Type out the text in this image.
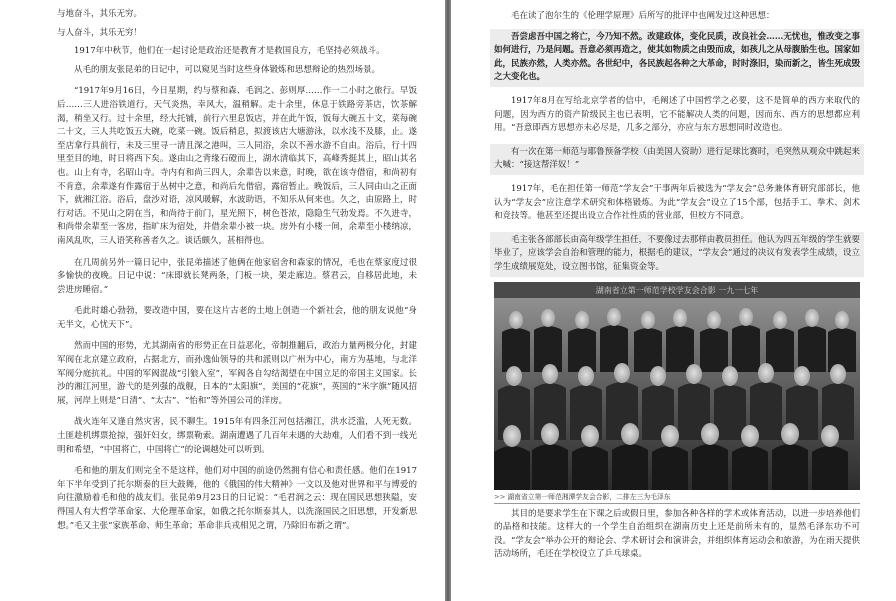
与地奋斗，其乐无穷。

与人奋斗，其乐无穷！

1917年中秋节，他们在一起讨论是政治还是教育才是救国良方，毛坚持必须战斗。

从毛的朋友张昆弟的日记中，可以窥见当时这些身体锻炼和思想辩论的热烈场景。

“1917年9月16日，今日星期，约与蔡和森、毛润之、彭则厚……作一二小时之旅行。早饭后……三人进浴铁道行，天气炎热，幸风大，温稍解。走十余里，休息于铁路旁茶店，饮茶解渴，稍坐又行。过十余里，经大托铺，前行六里息饭店，并在此午饭，饭每大碗五十文，菜每碗二十文，三人共吃饭五大碗，吃菜一碗。饭后稍息，拟渡该店大塘游泳，以水浅不及膝，止。遂至店拿行具前行，未及三里寻一清且深之港叫，三人同浴，余以不善水游不自由。浴后，行十四里至目的地，时日将西下矣。遂由山之背缘石磴而上，湖水清临其下，高峰秀挺其上，昭山其名也。山上有寺，名昭山寺。寺内有和尚三四人，余辈告以来意，时晚，欲在该寺借宿，和尚初有不肯意，余辈遂有作露宿于丛树中之意，和尚后允借宿，露宿暂止。晚饭后，三人同由山之正面下，就湘江浴。浴后，盘沙对语，凉风暖解，水波助语，不知乐从何来也。久之，由原路上，时行对话。不见山之阴在当，和尚待于前门，星光照下，树色苍浓，隐隐生气勃发焉。不久进寺，和尚带余辈至一客房，指旷床为宿处，并借余辈小被一块。房外有小楼一间，余辈至小楼纳凉，南风乱吹，三人语笑称善者久之。谈话颇久，甚相得也。

在几周前另外一篇日记中，张昆弟描述了他俩在他家宿舍和森家的情况，毛也在蔡家度过很多愉快的夜晚。日记中说：“床即就长凳两条，门板一块，架走廊边。蔡君云，自移居此地，未尝进房睡宿。”

毛此时雄心勃勃，要改造中国，要在这片古老的土地上创造一个新社会，他的朋友说他“身无半文，心忧天下”。

然而中国的形势，尤其湖南省的形势正在日益恶化，帝制推翻后，政治力量两极分化，封建军阀在北京建立政府，占据北方，而孙逸仙领导的共和派则以广州为中心，南方为基地，与北洋军阀分庭抗礼。中国的军阀混战“引狼入室”，军阀各自勾结渴望在中国立足的帝国主义国家。长沙的湘江河里，游弋的是列强的战舰，日本的“太阳旗”，美国的“花旗”，英国的“米字旗”随风招展，河岸上则是“日清”、“太古”、“怡和”等外国公司的洋房。

战火连年又逢自然灾害，民不聊生。1915年有四条江河包括湘江，洪水泛滥，人死无数。土匪趁机绑票抢掠，强奸妇女，绑票勒索。湖南遭遇了几百年未遇的大劫难，人们看不到一线光明和希望，“中国将亡，中国将亡”的论调越处可以听到。

毛和他的朋友们则完全不是这样，他们对中国的前途仍然拥有信心和责任感。他们在1917年下半年受到了托尔斯泰的巨大鼓舞，他的《俄国的伟大精神》一文以及他对世界和平与博爱的向往激励着毛和他的战友们。张昆弟9月23日的日记说：“毛君润之云：现在国民思想狭隘，安得国人有大哲学革命家、大伦理革命家，如俄之托尔斯泰其人，以洗涤国民之旧思想，开发新思想。”毛又主张“家族革命、师生革命；革命非兵戎相见之谓，乃除旧布新之谓”。

毛在读了泡尔生的《伦理学原理》后所写的批评中也阐发过这种思想：

吾尝虑吾中国之将亡，今乃知不然。改建政体，变化民质，改良社会……无忧也，惟改变之事如何进行，乃是问题。吾意必须再造之，使其如物质之由毁而成，如孩儿之从母腹胎生也。国家如此，民族亦然，人类亦然。各世纪中，各民族起各种之大革命，时时涤旧，染而新之，皆生死成毁之大变化也。

1917年8月在写给北京学者的信中，毛阐述了中国哲学之必要，这不是简单的西方来取代的问题，因为西方的资产阶级民主也已表明，它不能解决人类的问题，因而东、西方的思想都应利用。“吾意即西方思想亦未必尽是，几多之部分，亦应与东方思想同时改造也。

有一次在第一师范与耶鲁预备学校（由美国人资助）进行足球比赛时，毛突然从观众中跳起来大喊：“接这帮洋奴！”

1917年，毛在担任第一师范“学友会”干事两年后被选为“学友会”总务兼体育研究部部长，他认为“学友会”应注意学术研究和体格锻炼。为此“学友会”设立了15个部，包括手工、拳术、剑术和竞技等。他甚至还提出设立合作社性质的营业部，但校方不同意。

毛主张各部部长由高年级学生担任，不要像过去那样由教员担任。他认为四五年级的学生就要毕业了，应该学会自治和管理的能力，根据毛的建议，“学友会”通过的决议有发表学生成绩，设立学生成绩展览处，设立图书馆，征集资金等。

湖南省立第一师范学校学友会合影 一九一七年

>> 湖南省立第一师范湘潭学友会合影，二排左三为毛泽东

其目的是要求学生在下课之后或假日里，参加各种各样的学术或体育活动，以进一步培养他们的品格和技能。这样大的一个学生自治组织在湖南历史上还是前所未有的，显然毛泽东功不可没。“学友会”举办公开的辩论会、学术研讨会和演讲会，并组织体育运动会和旅游，为在雨天提供活动场所，毛还在学校设立了乒乓球桌。
